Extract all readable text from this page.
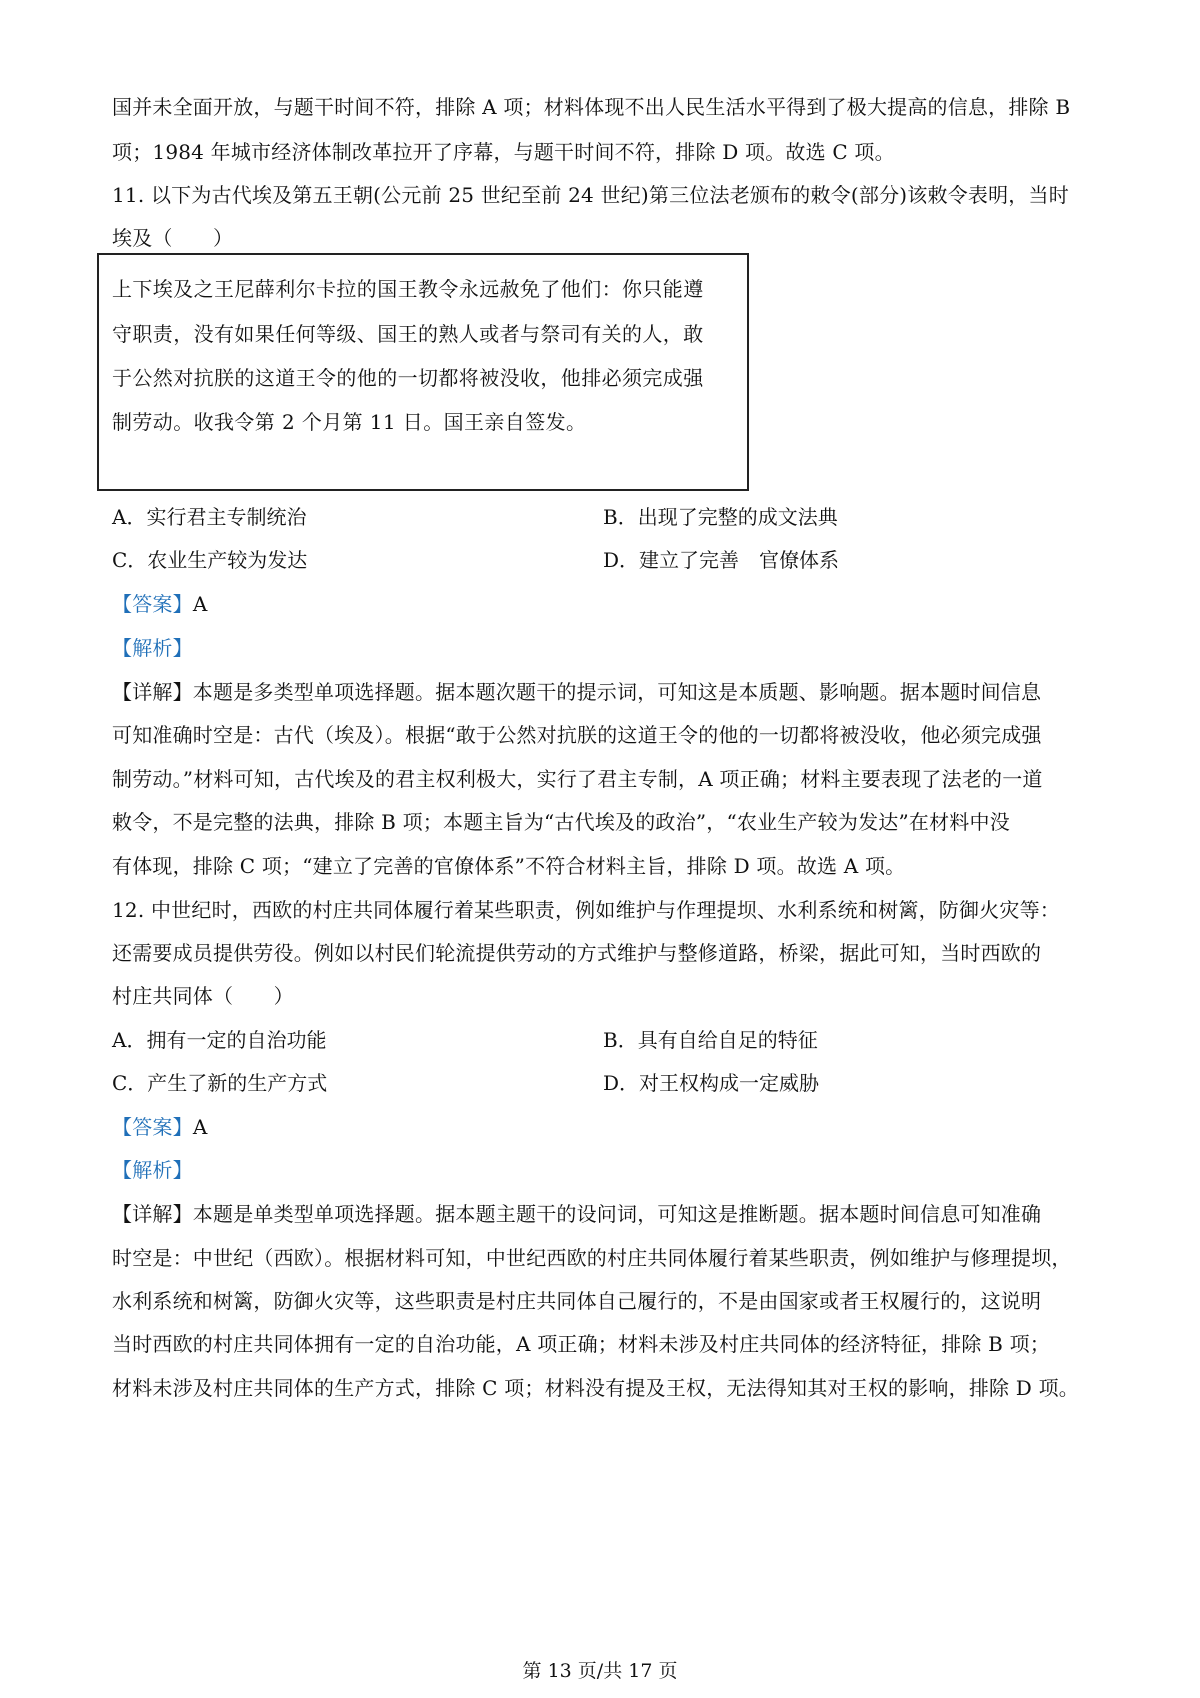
国并未全面开放，与题干时间不符，排除 A 项；材料体现不出人民生活水平得到了极大提高的信息，排除 B
项；1984 年城市经济体制改革拉开了序幕，与题干时间不符，排除 D 项。故选 C 项。
11. 以下为古代埃及第五王朝(公元前 25 世纪至前 24 世纪)第三位法老颁布的敕令(部分)该敕令表明，当时
埃及（　　）
上下埃及之王尼薛利尔卡拉的国王教令永远赦免了他们：你只能遵
守职责，没有如果任何等级、国王的熟人或者与祭司有关的人，敢
于公然对抗朕的这道王令的他的一切都将被没收，他排必须完成强
制劳动。收我令第 2 个月第 11 日。国王亲自签发。
A．实行君主专制统治	B．出现了完整的成文法典
C．农业生产较为发达	D．建立了完善　官僚体系
【答案】A
【解析】
【详解】本题是多类型单项选择题。据本题次题干的提示词，可知这是本质题、影响题。据本题时间信息
可知准确时空是：古代（埃及）。根据“敢于公然对抗朕的这道王令的他的一切都将被没收，他必须完成强
制劳动。”材料可知，古代埃及的君主权利极大，实行了君主专制，A 项正确；材料主要表现了法老的一道
敕令，不是完整的法典，排除 B 项；本题主旨为“古代埃及的政治”，“农业生产较为发达”在材料中没
有体现，排除 C 项；“建立了完善的官僚体系”不符合材料主旨，排除 D 项。故选 A 项。
12. 中世纪时，西欧的村庄共同体履行着某些职责，例如维护与作理提坝、水利系统和树篱，防御火灾等：
还需要成员提供劳役。例如以村民们轮流提供劳动的方式维护与整修道路，桥梁，据此可知，当时西欧的
村庄共同体（　　）
A．拥有一定的自治功能	B．具有自给自足的特征
C．产生了新的生产方式	D．对王权构成一定威胁
【答案】A
【解析】
【详解】本题是单类型单项选择题。据本题主题干的设问词，可知这是推断题。据本题时间信息可知准确
时空是：中世纪（西欧）。根据材料可知，中世纪西欧的村庄共同体履行着某些职责，例如维护与修理提坝，
水利系统和树篱，防御火灾等，这些职责是村庄共同体自己履行的，不是由国家或者王权履行的，这说明
当时西欧的村庄共同体拥有一定的自治功能，A 项正确；材料未涉及村庄共同体的经济特征，排除 B 项；
材料未涉及村庄共同体的生产方式，排除 C 项；材料没有提及王权，无法得知其对王权的影响，排除 D 项。
第 13 页/共 17 页
